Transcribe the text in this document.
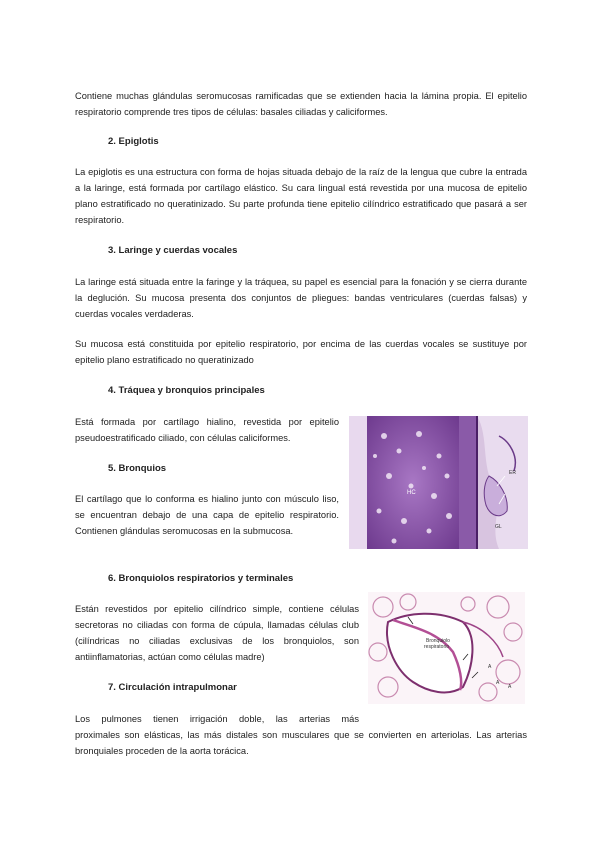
Contiene muchas glándulas seromucosas ramificadas que se extienden hacia la lámina propia. El epitelio respiratorio comprende tres tipos de células: basales ciliadas y caliciformes.
2. Epiglotis
La epiglotis es una estructura con forma de hojas situada debajo de la raíz de la lengua que cubre la entrada a la laringe, está formada por cartílago elástico. Su cara lingual está revestida por una mucosa de epitelio plano estratificado no queratinizado. Su parte profunda tiene epitelio cilíndrico estratificado que pasará a ser respiratorio.
3. Laringe y cuerdas vocales
La laringe está situada entre la faringe y la tráquea, su papel es esencial para la fonación y se cierra durante la deglución. Su mucosa presenta dos conjuntos de pliegues: bandas ventriculares (cuerdas falsas) y cuerdas vocales verdaderas.
Su mucosa está constituida por epitelio respiratorio, por encima de las cuerdas vocales se sustituye por epitelio plano estratificado no queratinizado
4. Tráquea y bronquios principales
Está formada por cartílago hialino, revestida por epitelio pseudoestratificado ciliado, con células caliciformes.
5. Bronquios
El cartílago que lo conforma es hialino junto con músculo liso, se encuentran debajo de una capa de epitelio respiratorio. Contienen glándulas seromucosas en la submucosa.
HC
ER
GL
6. Bronquiolos respiratorios y terminales
Están revestidos por epitelio cilíndrico simple, contiene células secretoras no ciliadas con forma de cúpula, llamadas células club (cilíndricas no ciliadas exclusivas de los bronquiolos, son antiinflamatorias, actúan como células madre)
Bronquiolo
respiratorio
A
A
A
7. Circulación intrapulmonar
Los pulmones tienen irrigación doble, las arterias más
proximales son elásticas, las más distales son musculares que se convierten en arteriolas. Las arterias bronquiales proceden de la aorta torácica.
